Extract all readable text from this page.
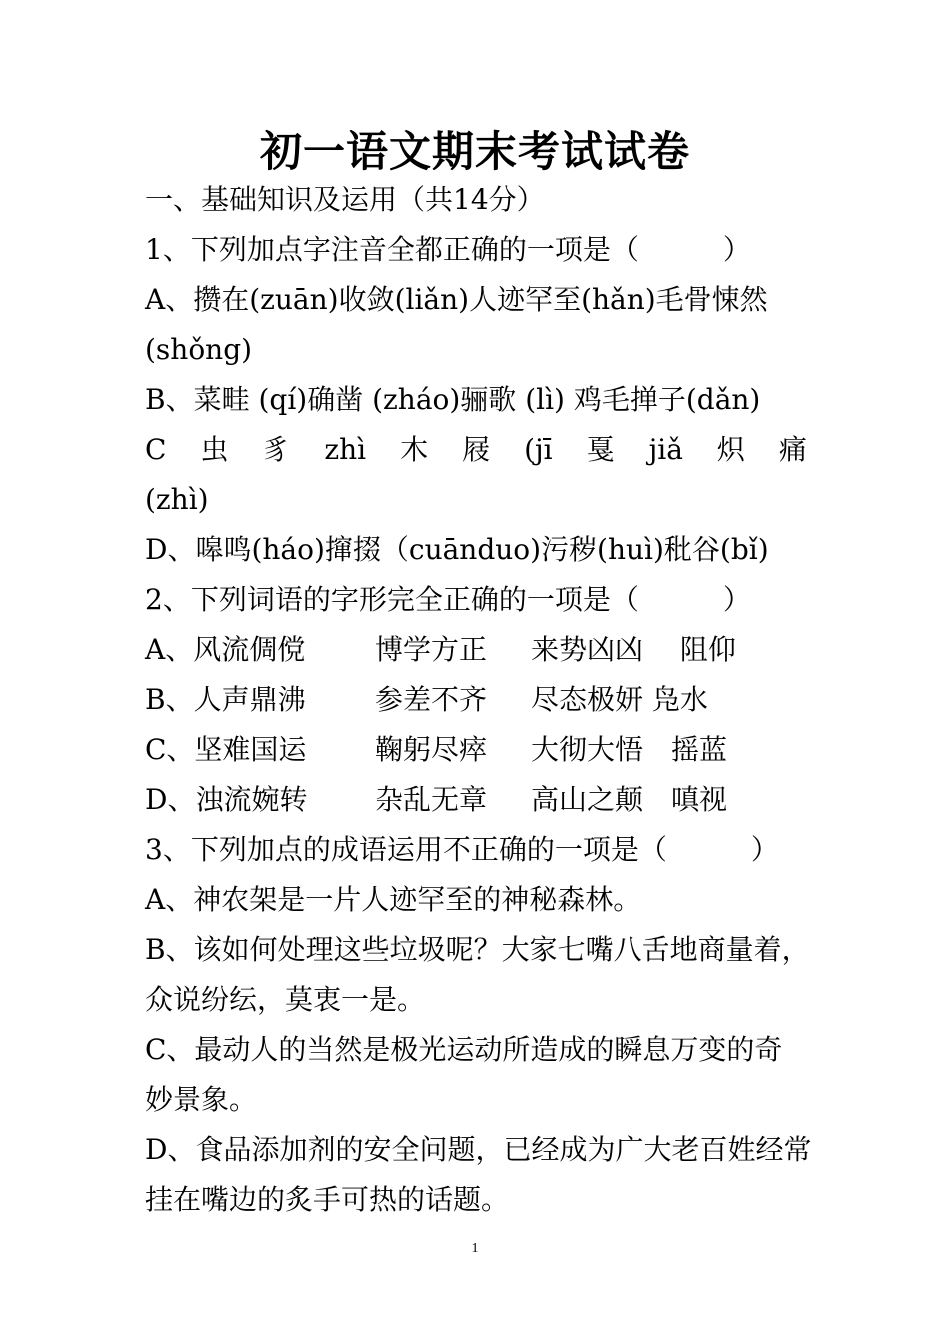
初一语文期末考试试卷
一、基础知识及运用（共14分）
1、下列加点字注音全都正确的一项是（　　　）
A、攒在(zuān)收敛(liǎn)人迹罕至(hǎn)毛骨悚然
(shǒng)
B、菜畦 (qí)确凿 (zháo)骊歌 (lì) 鸡毛掸子(dǎn)
C 虫 豸 zhì 木 屐 (jī 戛 jiǎ 炽 痛
(zhì)
D、嗥鸣(háo)撺掇（cuānduo)污秽(huì)秕谷(bǐ)
2、下列词语的字形完全正确的一项是（　　　）
A、风流倜傥 博学方正 来势凶凶　 阻仰
B、人声鼎沸 参差不齐 尽态极妍 凫水
C、坚难国运 鞠躬尽瘁 大彻大悟　摇蓝
D、浊流婉转 杂乱无章 高山之颠　嗔视
3、下列加点的成语运用不正确的一项是（　　　）
A、神农架是一片人迹罕至的神秘森林。
B、该如何处理这些垃圾呢？大家七嘴八舌地商量着，
众说纷纭，莫衷一是。
C、最动人的当然是极光运动所造成的瞬息万变的奇
妙景象。
D、食品添加剂的安全问题，已经成为广大老百姓经常
挂在嘴边的炙手可热的话题。
1
